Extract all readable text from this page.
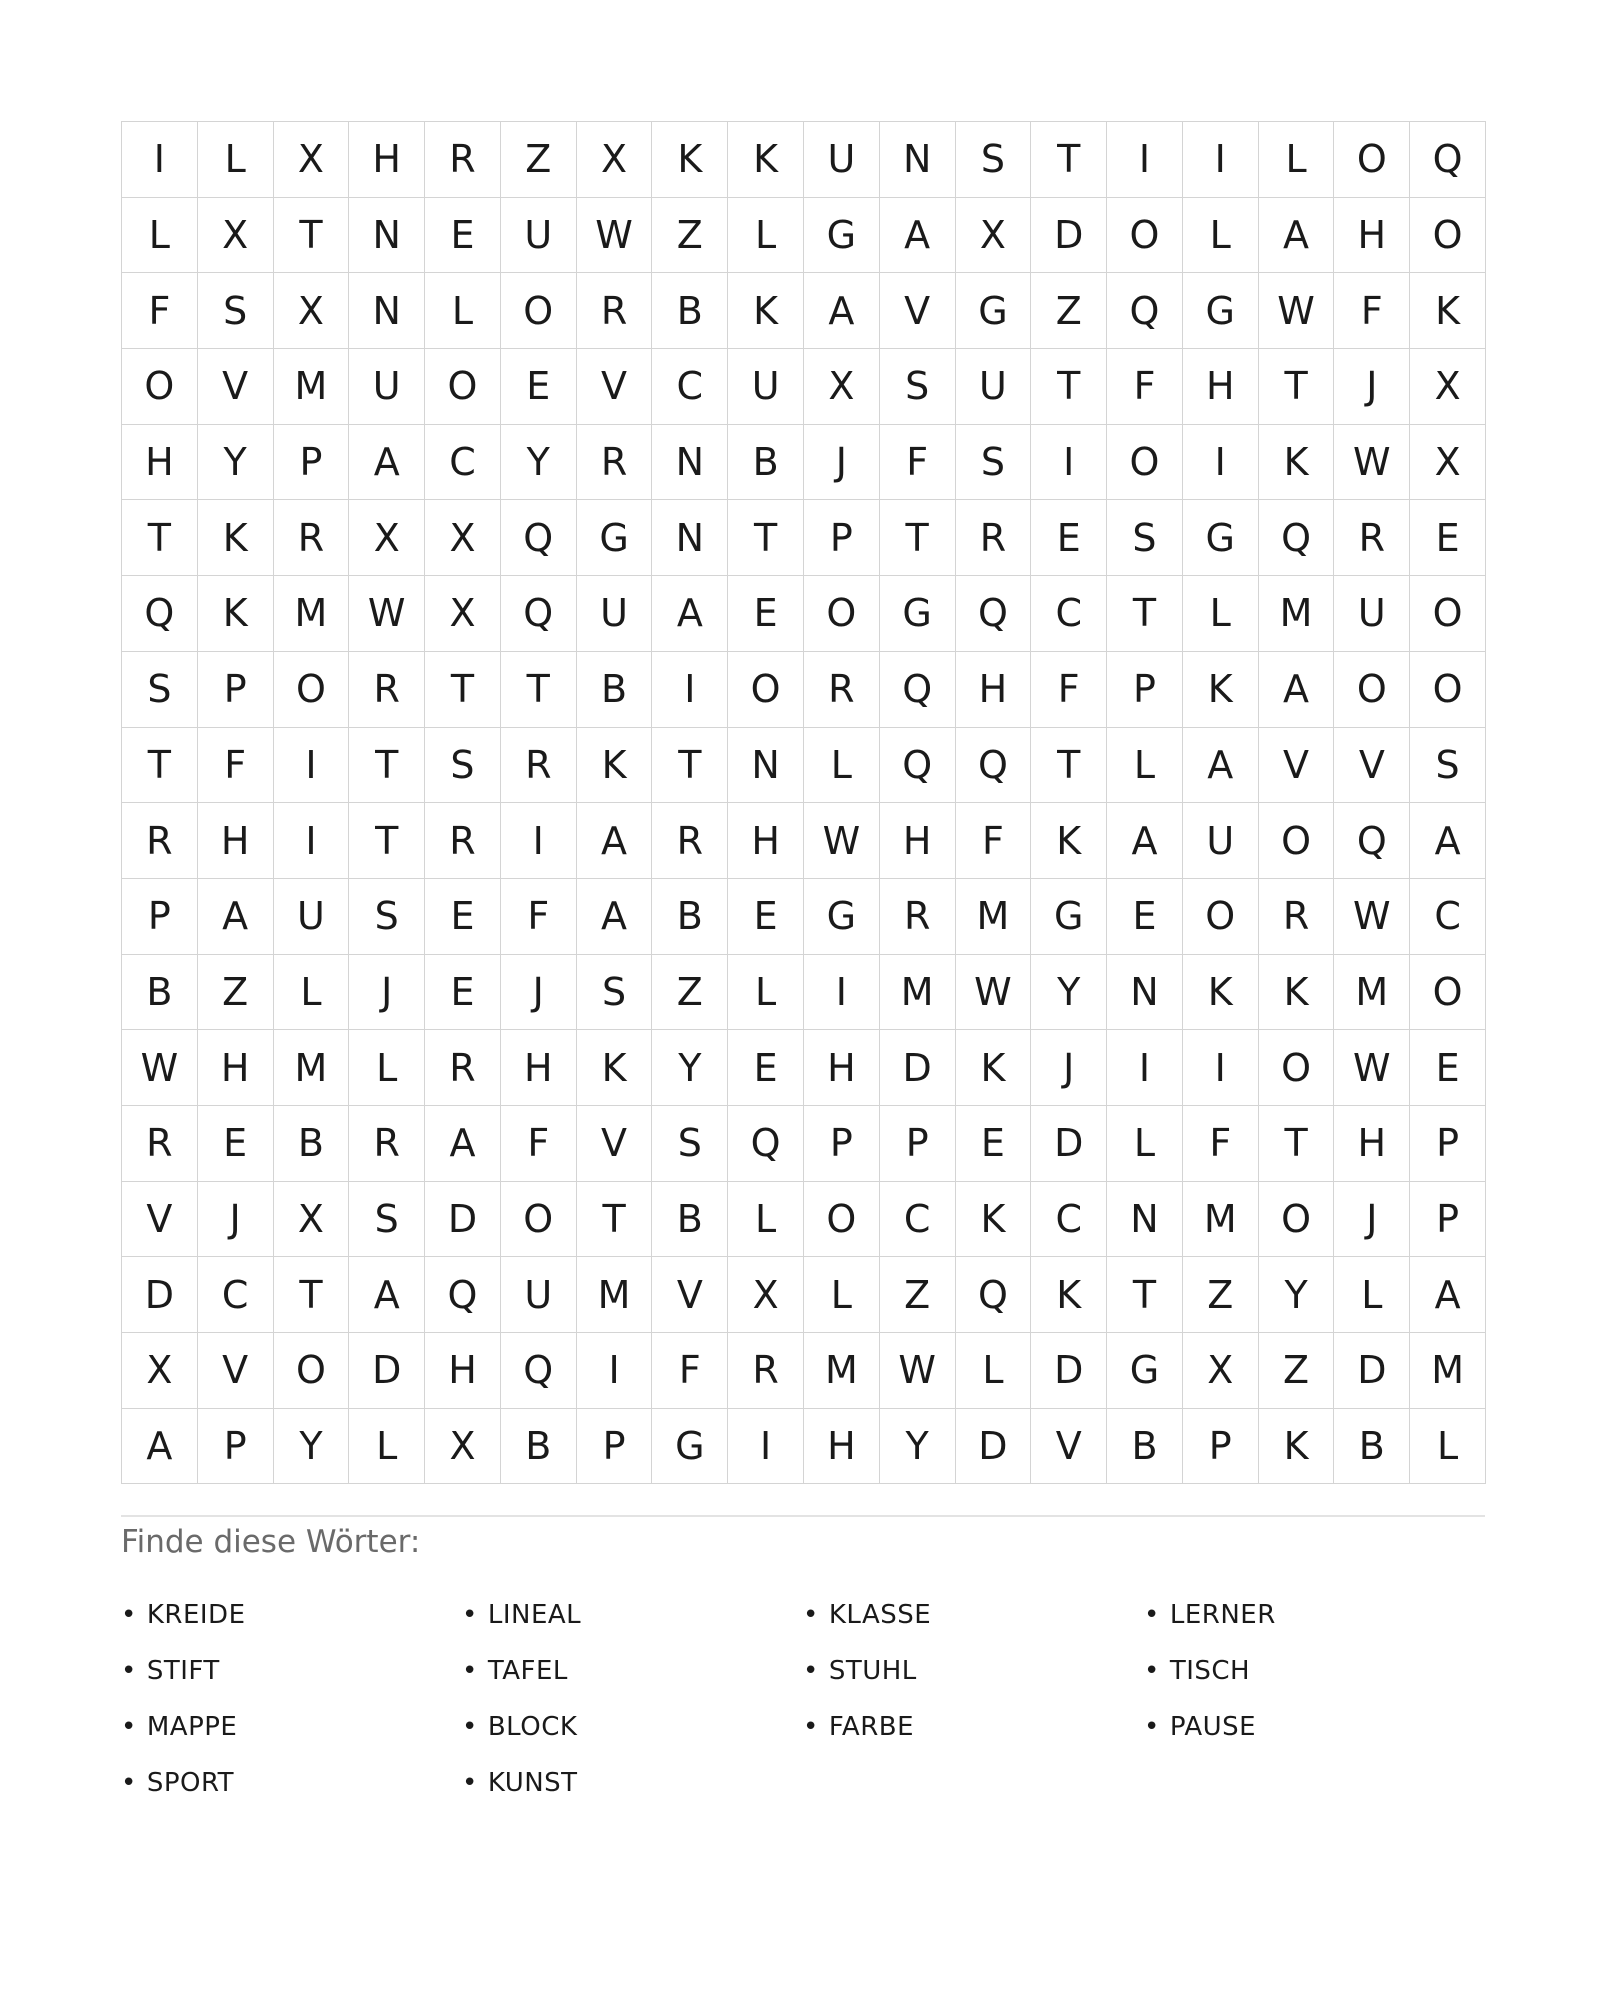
I	L	X	H	R	Z	X	K	K	U	N	S	T	I	I	L	O	Q
L	X	T	N	E	U	W	Z	L	G	A	X	D	O	L	A	H	O
F	S	X	N	L	O	R	B	K	A	V	G	Z	Q	G	W	F	K
O	V	M	U	O	E	V	C	U	X	S	U	T	F	H	T	J	X
H	Y	P	A	C	Y	R	N	B	J	F	S	I	O	I	K	W	X
T	K	R	X	X	Q	G	N	T	P	T	R	E	S	G	Q	R	E
Q	K	M	W	X	Q	U	A	E	O	G	Q	C	T	L	M	U	O
S	P	O	R	T	T	B	I	O	R	Q	H	F	P	K	A	O	O
T	F	I	T	S	R	K	T	N	L	Q	Q	T	L	A	V	V	S
R	H	I	T	R	I	A	R	H	W	H	F	K	A	U	O	Q	A
P	A	U	S	E	F	A	B	E	G	R	M	G	E	O	R	W	C
B	Z	L	J	E	J	S	Z	L	I	M	W	Y	N	K	K	M	O
W	H	M	L	R	H	K	Y	E	H	D	K	J	I	I	O	W	E
R	E	B	R	A	F	V	S	Q	P	P	E	D	L	F	T	H	P
V	J	X	S	D	O	T	B	L	O	C	K	C	N	M	O	J	P
D	C	T	A	Q	U	M	V	X	L	Z	Q	K	T	Z	Y	L	A
X	V	O	D	H	Q	I	F	R	M	W	L	D	G	X	Z	D	M
A	P	Y	L	X	B	P	G	I	H	Y	D	V	B	P	K	B	L
Finde diese Wörter:
• KREIDE	• LINEAL	• KLASSE	• LERNER
• STIFT	• TAFEL	• STUHL	• TISCH
• MAPPE	• BLOCK	• FARBE	• PAUSE
• SPORT	• KUNST
